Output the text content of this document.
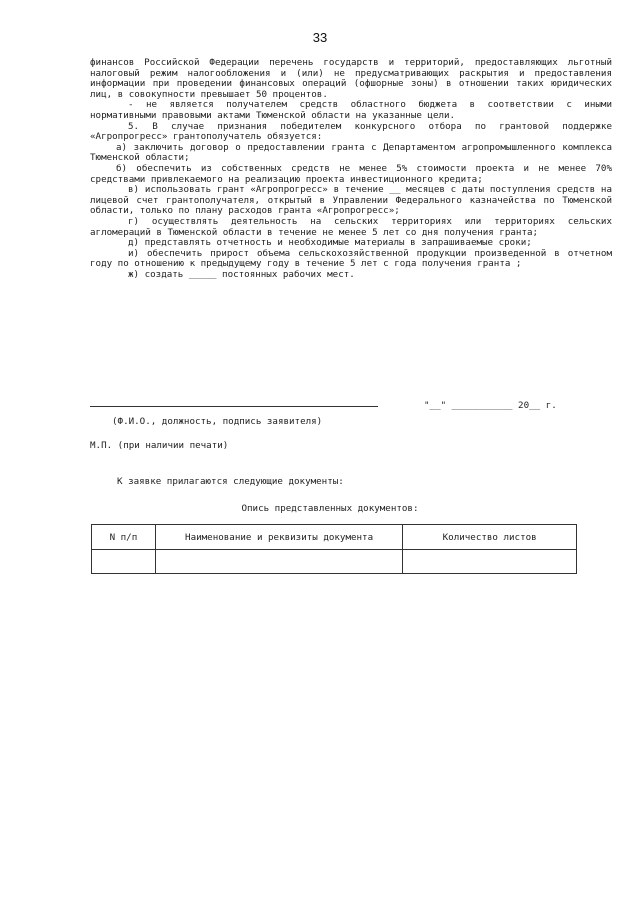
33

финансов Российской Федерации перечень государств и территорий, предоставляющих льготный налоговый режим налогообложения и (или) не предусматривающих раскрытия и предоставления информации при проведении финансовых операций (офшорные зоны) в отношении таких юридических лиц, в совокупности превышает 50 процентов.

- не является получателем средств областного бюджета в соответствии с иными нормативными правовыми актами Тюменской области на указанные цели.

5. В случае признания победителем конкурсного отбора по грантовой поддержке «Агропрогресс» грантополучатель обязуется:

а) заключить договор о предоставлении гранта с Департаментом агропромышленного комплекса Тюменской области;

б) обеспечить из собственных средств не менее 5% стоимости проекта и не менее 70% средствами привлекаемого на реализацию проекта инвестиционного кредита;

в) использовать грант «Агропрогресс» в течение __ месяцев с даты поступления средств на лицевой счет грантополучателя, открытый в Управлении Федерального казначейства по Тюменской области, только по плану расходов гранта «Агропрогресс»;

г) осуществлять деятельность на сельских территориях или территориях сельских агломераций в Тюменской области в течение не менее 5 лет со дня получения гранта;

д) представлять отчетность и необходимые материалы в запрашиваемые сроки;

и) обеспечить прирост объема сельскохозяйственной продукции произведенной в отчетном году по отношению к предыдущему году в течение 5 лет с года получения гранта ;

ж) создать _____ постоянных рабочих мест.

"__" ___________ 20__ г.
(Ф.И.О., должность, подпись заявителя)
М.П. (при наличии печати)
К заявке прилагаются следующие документы:
Опись представленных документов:
N п/п	Наименование и реквизиты документа	Количество листов
